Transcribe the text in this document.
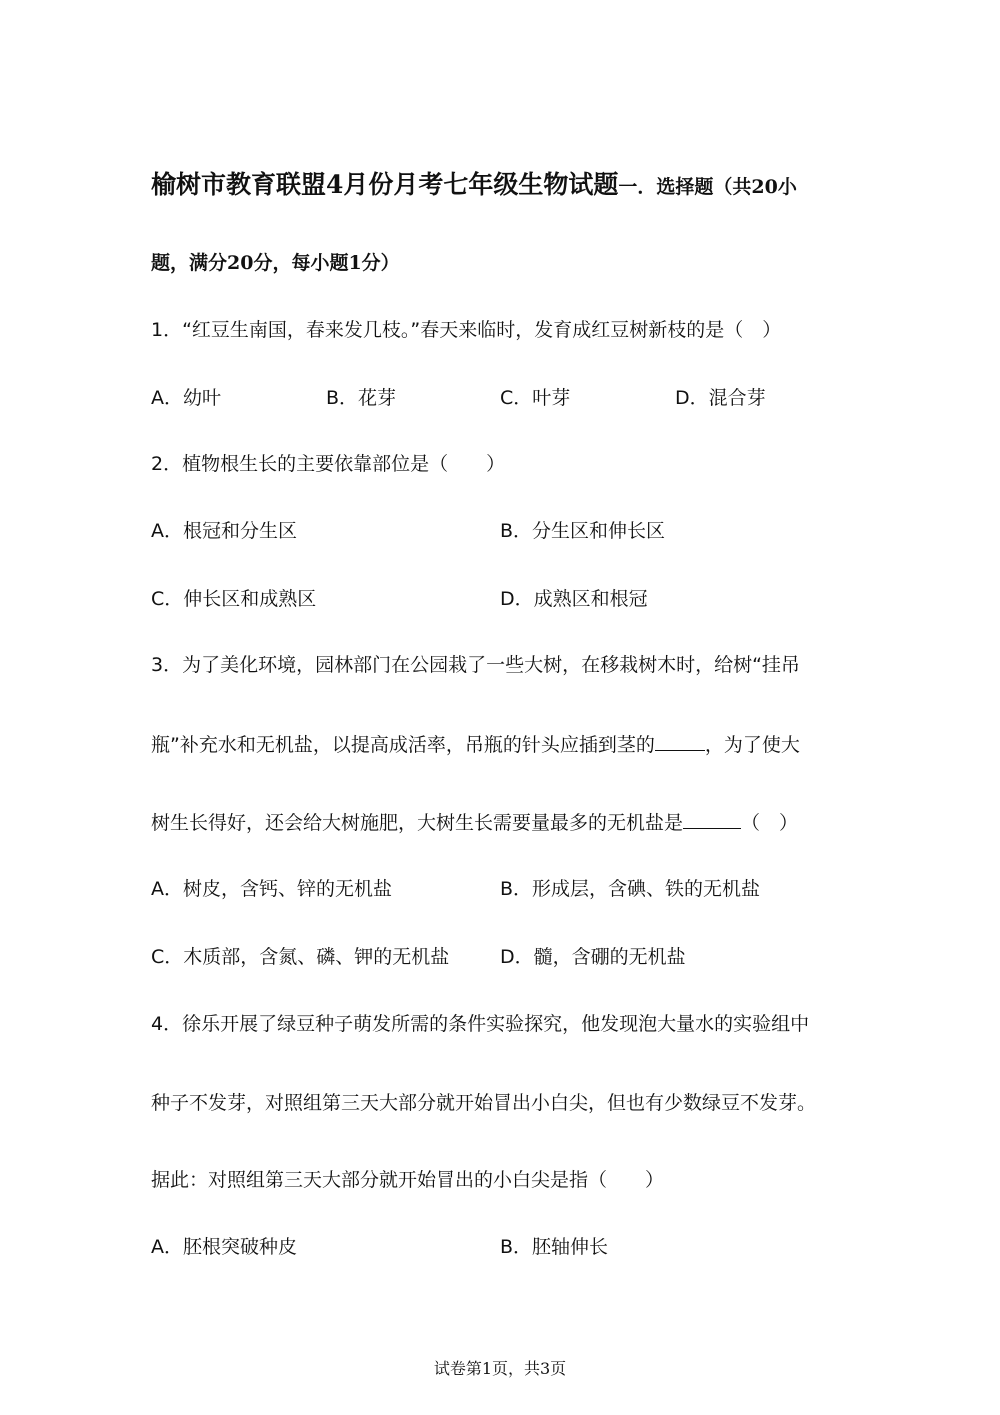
榆树市教育联盟4月份月考七年级生物试题一．选择题（共20小
题，满分20分，每小题1分）
1．“红豆生南国，春来发几枝。”春天来临时，发育成红豆树新枝的是（　）
A．幼叶	B．花芽	C．叶芽	D．混合芽
2．植物根生长的主要依靠部位是（　　）
A．根冠和分生区	B．分生区和伸长区
C．伸长区和成熟区	D．成熟区和根冠
3．为了美化环境，园林部门在公园栽了一些大树，在移栽树木时，给树“挂吊
瓶”补充水和无机盐，以提高成活率，吊瓶的针头应插到茎的	，为了使大
树生长得好，还会给大树施肥，大树生长需要量最多的无机盐是	（　）
A．树皮，含钙、锌的无机盐	B．形成层，含碘、铁的无机盐
C．木质部，含氮、磷、钾的无机盐	D．髓，含硼的无机盐
4．徐乐开展了绿豆种子萌发所需的条件实验探究，他发现泡大量水的实验组中
种子不发芽，对照组第三天大部分就开始冒出小白尖，但也有少数绿豆不发芽。
据此：对照组第三天大部分就开始冒出的小白尖是指（　　）
A．胚根突破种皮	B．胚轴伸长
试卷第1页，共3页
